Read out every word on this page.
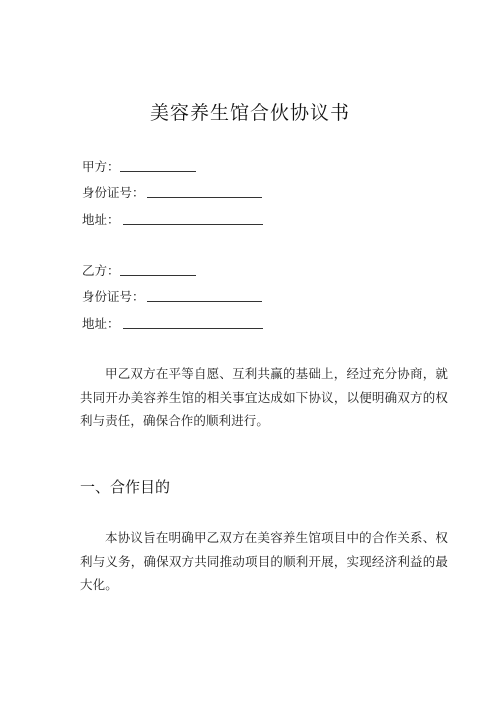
美容养生馆合伙协议书
甲方：
身份证号：
地址：
乙方：
身份证号：
地址：
甲乙双方在平等自愿、互利共赢的基础上，经过充分协商，就共同开办美容养生馆的相关事宜达成如下协议，以便明确双方的权利与责任，确保合作的顺利进行。
一、合作目的
本协议旨在明确甲乙双方在美容养生馆项目中的合作关系、权利与义务，确保双方共同推动项目的顺利开展，实现经济利益的最大化。
